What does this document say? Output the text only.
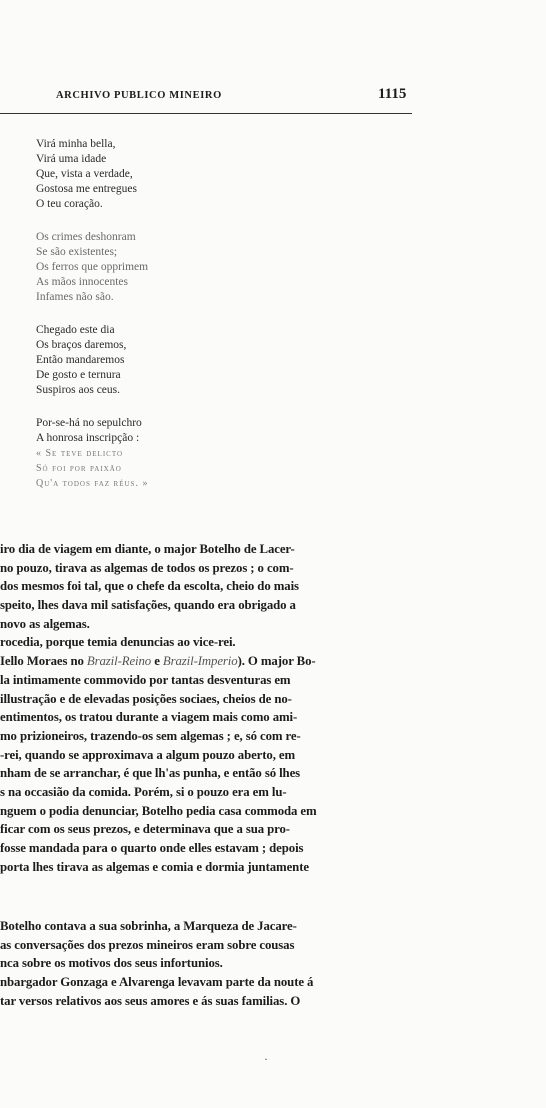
ARCHIVO PUBLICO MINEIRO	1115
Virá minha bella,
Virá uma idade
Que, vista a verdade,
Gostosa me entregues
O teu coração.
Os crimes deshonram
Se são existentes;
Os ferros que opprimem
As mãos innocentes
Infames não são.
Chegado este dia
Os braços daremos,
Então mandaremos
De gosto e ternura
Suspiros aos ceus.
Por-se-há no sepulchro
A honrosa inscripção :
« Se teve delicto
Só foi por paixão
Qu'a todos faz réus. »
iro dia de viagem em diante, o major Botelho de Lacer-
no pouzo, tirava as algemas de todos os prezos ; o com-
dos mesmos foi tal, que o chefe da escolta, cheio do mais
speito, lhes dava mil satisfações, quando era obrigado a
novo as algemas.
rocedia, porque temia denuncias ao vice-rei.
Iello Moraes no Brazil-Reino e Brazil-Imperio). O major Bo-
la intimamente commovido por tantas desventuras em
illustração e de elevadas posições sociaes, cheios de no-
entimentos, os tratou durante a viagem mais como ami-
mo prizioneiros, trazendo-os sem algemas ; e, só com re-
-rei, quando se approximava a algum pouzo aberto, em
nham de se arranchar, é que lh'as punha, e então só lhes
s na occasião da comida. Porém, si o pouzo era em lu-
nguem o podia denunciar, Botelho pedia casa commoda em
ficar com os seus prezos, e determinava que a sua pro-
fosse mandada para o quarto onde elles estavam ; depois
porta lhes tirava as algemas e comia e dormia juntamente
Botelho contava a sua sobrinha, a Marqueza de Jacare-
as conversações dos prezos mineiros eram sobre cousas
nca sobre os motivos dos seus infortunios.
nbargador Gonzaga e Alvarenga levavam parte da noute á
tar versos relativos aos seus amores e ás suas familias. O
·
